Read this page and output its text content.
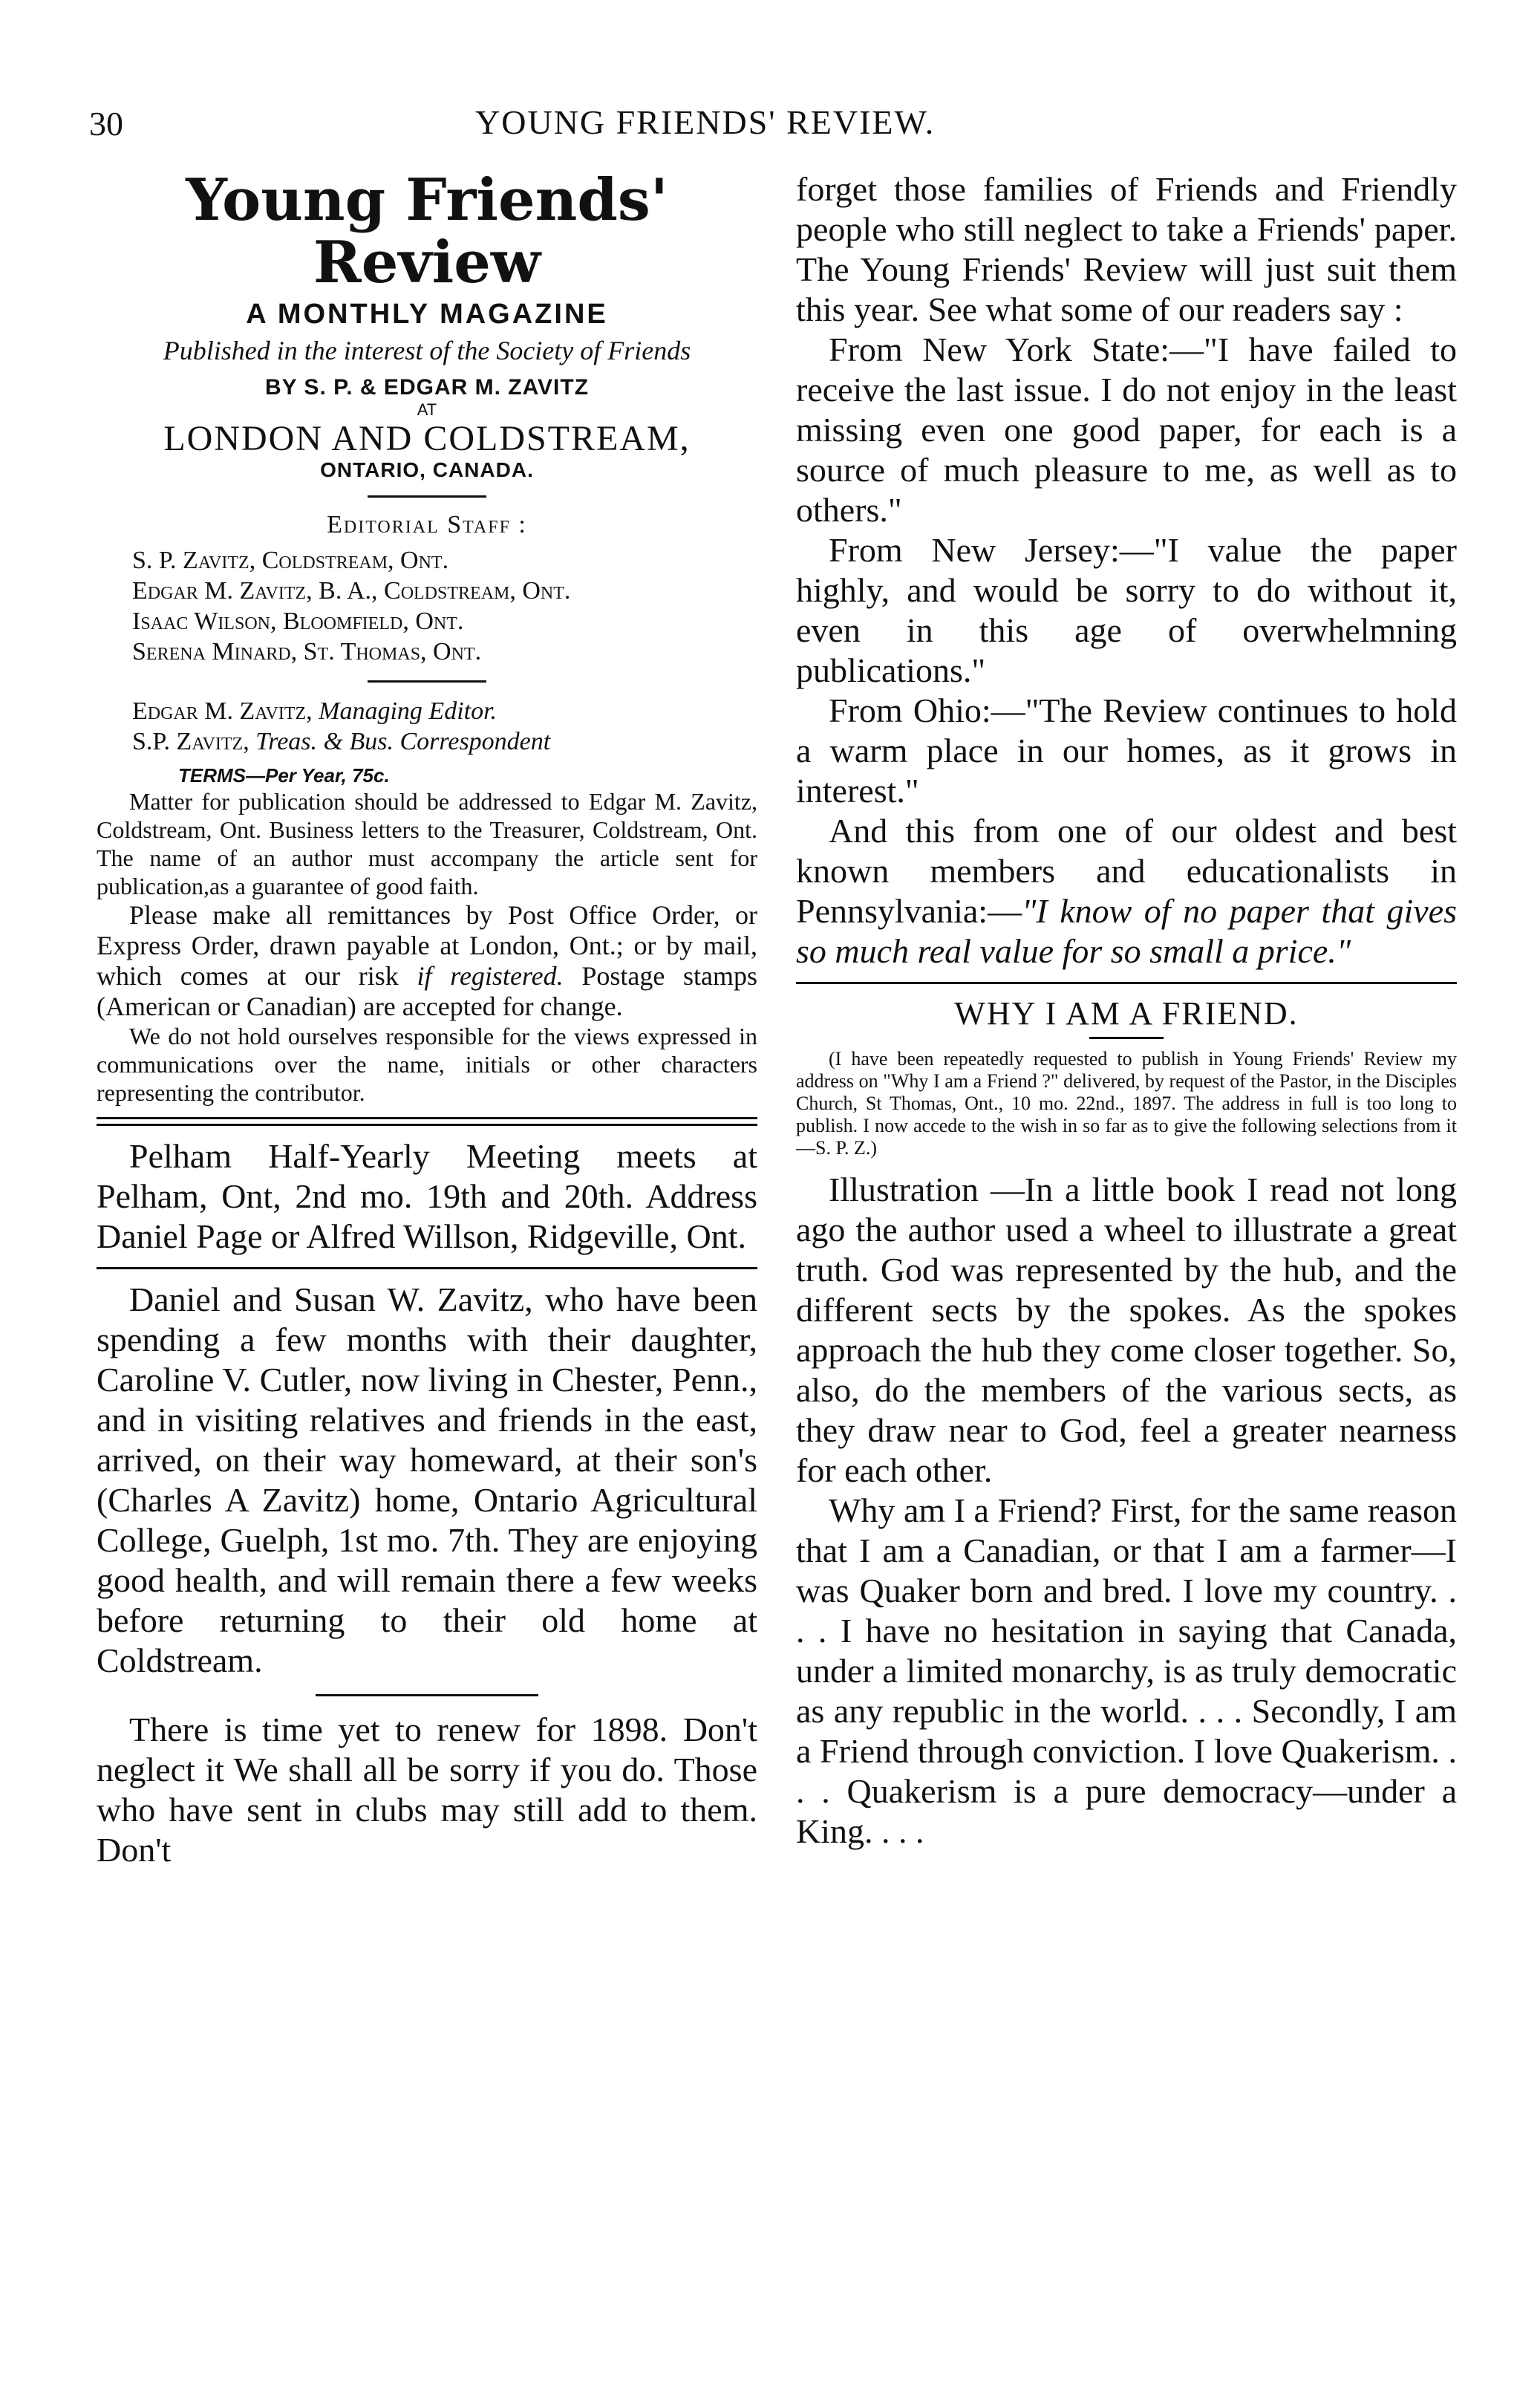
30	YOUNG FRIENDS' REVIEW.
Young Friends' Review
A MONTHLY MAGAZINE
Published in the interest of the Society of Friends
BY S. P. & EDGAR M. ZAVITZ
AT
LONDON AND COLDSTREAM,
ONTARIO, CANADA.
Editorial Staff :
S. P. Zavitz, Coldstream, Ont.
Edgar M. Zavitz, B. A., Coldstream, Ont.
Isaac Wilson, Bloomfield, Ont.
Serena Minard, St. Thomas, Ont.
Edgar M. Zavitz, Managing Editor.
S.P. Zavitz, Treas. & Bus. Correspondent
TERMS—Per Year, 75c.

Matter for publication should be addressed to Edgar M. Zavitz, Coldstream, Ont. Business letters to the Treasurer, Coldstream, Ont. The name of an author must accompany the article sent for publication,as a guarantee of good faith.

Please make all remittances by Post Office Order, or Express Order, drawn payable at London, Ont.; or by mail, which comes at our risk if registered. Postage stamps (American or Canadian) are accepted for change.

We do not hold ourselves responsible for the views expressed in communications over the name, initials or other characters representing the contributor.

Pelham Half-Yearly Meeting meets at Pelham, Ont, 2nd mo. 19th and 20th. Address Daniel Page or Alfred Willson, Ridgeville, Ont.

Daniel and Susan W. Zavitz, who have been spending a few months with their daughter, Caroline V. Cutler, now living in Chester, Penn., and in visiting relatives and friends in the east, arrived, on their way homeward, at their son's (Charles A Zavitz) home, Ontario Agricultural College, Guelph, 1st mo. 7th. They are enjoying good health, and will remain there a few weeks before returning to their old home at Coldstream.

There is time yet to renew for 1898. Don't neglect it We shall all be sorry if you do. Those who have sent in clubs may still add to them. Don't

forget those families of Friends and Friendly people who still neglect to take a Friends' paper. The Young Friends' Review will just suit them this year. See what some of our readers say :

From New York State:—"I have failed to receive the last issue. I do not enjoy in the least missing even one good paper, for each is a source of much pleasure to me, as well as to others."

From New Jersey:—"I value the paper highly, and would be sorry to do without it, even in this age of overwhelmning publications."

From Ohio:—"The Review continues to hold a warm place in our homes, as it grows in interest."

And this from one of our oldest and best known members and educationalists in Pennsylvania:—"I know of no paper that gives so much real value for so small a price."

WHY I AM A FRIEND.

(I have been repeatedly requested to publish in Young Friends' Review my address on "Why I am a Friend ?" delivered, by request of the Pastor, in the Disciples Church, St Thomas, Ont., 10 mo. 22nd., 1897. The address in full is too long to publish. I now accede to the wish in so far as to give the following selections from it —S. P. Z.)

Illustration —In a little book I read not long ago the author used a wheel to illustrate a great truth. God was represented by the hub, and the different sects by the spokes. As the spokes approach the hub they come closer together. So, also, do the members of the various sects, as they draw near to God, feel a greater nearness for each other.

Why am I a Friend? First, for the same reason that I am a Canadian, or that I am a farmer—I was Quaker born and bred. I love my country. . . . I have no hesitation in saying that Canada, under a limited monarchy, is as truly democratic as any republic in the world. . . . Secondly, I am a Friend through conviction. I love Quakerism. . . . Quakerism is a pure democracy—under a King. . . .
